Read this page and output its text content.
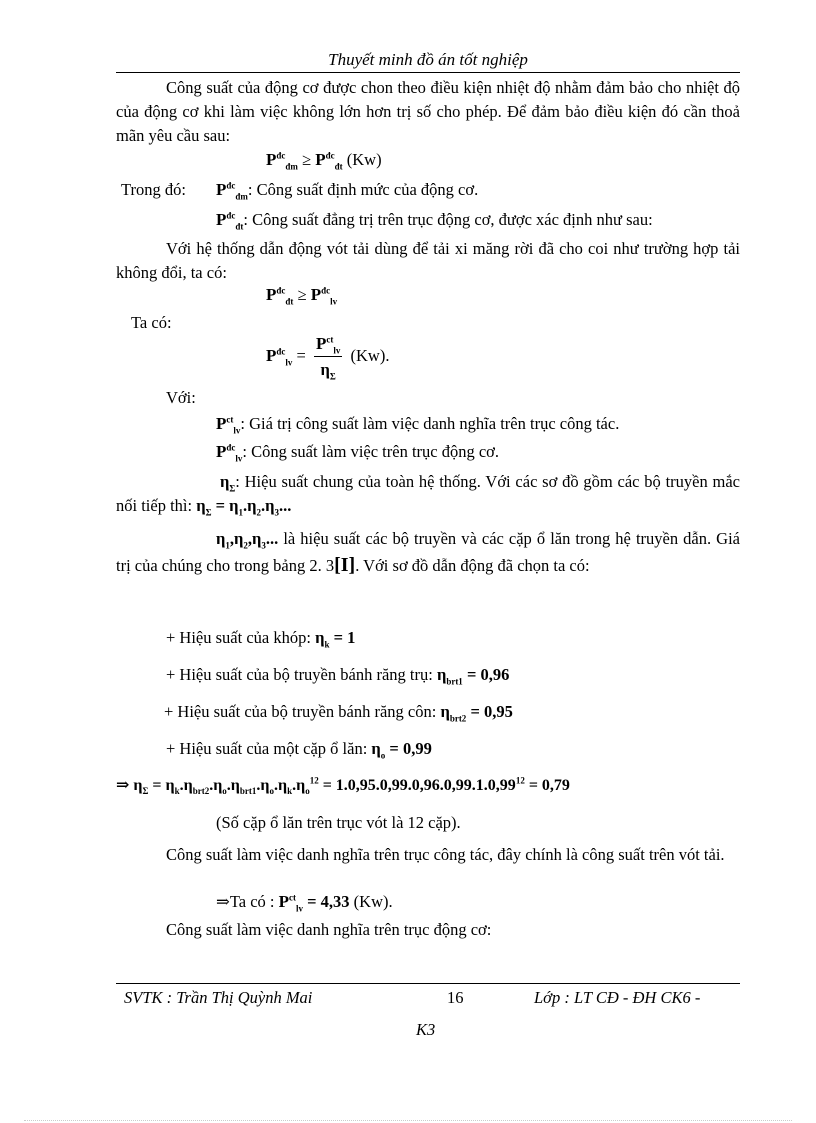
Thuyết minh đồ án tốt nghiệp
Công suất của động cơ được chon theo điều kiện nhiệt độ nhằm đảm bảo cho nhiệt độ của động cơ khi làm việc không lớn hơn trị số cho phép. Để đảm bảo điều kiện đó cần thoả mãn yêu cầu sau:
$P^{đc}_{đm} \ge P^{đc}_{đt}$ (Kw)
Trong đó: $P^{đc}_{đm}$: Công suất định mức của động cơ.
$P^{đc}_{đt}$: Công suất đẳng trị trên trục động cơ, được xác định như sau:
Với hệ thống dẫn động vót tải dùng để tải xi măng rời đã cho coi như trường hợp tải không đổi, ta có:
$P^{đc}_{đt} \ge P^{đc}_{lv}$
Ta có:
$P^{đc}_{lv} = \frac{P^{ct}_{lv}}{\eta_\Sigma} (Kw)$.
Với:
$P^{ct}_{lv}$: Giá trị công suất làm việc danh nghĩa trên trục công tác.
$P^{đc}_{lv}$: Công suất làm việc trên trục động cơ.
$\eta_\Sigma$: Hiệu suất chung của toàn hệ thống. Với các sơ đồ gồm các bộ truyền mắc nối tiếp thì: $\eta_\Sigma = \eta_1.\eta_2.\eta_3$...
$\eta_1,\eta_2,\eta_3$... là hiệu suất các bộ truyền và các cặp ổ lăn trong hệ truyền dẫn. Giá trị của chúng cho trong bảng 2. 3[I]. Với sơ đồ dẫn động đã chọn ta có:
+ Hiệu suất của khóp: $\eta_k = 1$
+ Hiệu suất của bộ truyền bánh răng trụ: $\eta_{brt1} = 0,96$
+ Hiệu suất của bộ truyền bánh răng côn: $\eta_{brt2} = 0,95$
+ Hiệu suất của một cặp ổ lăn: $\eta_o = 0,99$
⇒ $\eta_\Sigma = \eta_k.\eta_{brt2}.\eta_o.\eta_{brt1}.\eta_o.\eta_k.\eta_o^{12} = 1.0,95.0,99.0,96.0,99.1.0,99^{12} = 0,79$
(Số cặp ổ lăn trên trục vót là 12 cặp).
Công suất làm việc danh nghĩa trên trục công tác, đây chính là công suất trên vót tải.
⇒Ta có : $P^{ct}_{lv} = 4,33$ (Kw).
Công suất làm việc danh nghĩa trên trục động cơ:
SVTK : Trần Thị Quỳnh Mai	16	Lớp : LT CĐ - ĐH CK6 -
K3
